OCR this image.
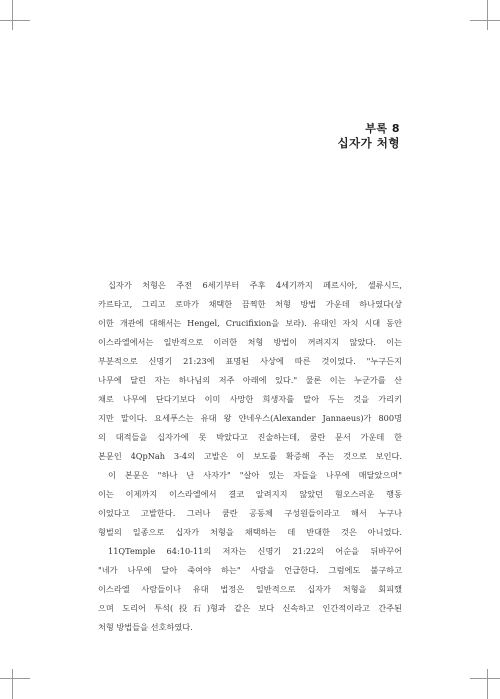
부록 8
십자가 처형
십자가 처형은 주전 6세기부터 주후 4세기까지 페르시아, 셀류시드,
카르타고, 그리고 로마가 채택한 끔찍한 처형 방법 가운데 하나였다(상
이한 개관에 대해서는 Hengel, Crucifixion을 보라). 유대인 자치 시대 동안
이스라엘에서는 일반적으로 이러한 처형 방법이 꺼려지지 않았다. 이는
부분적으로 신명기 21:23에 표명된 사상에 따른 것이었다. "누구든지
나무에 달린 자는 하나님의 저주 아래에 있다." 물론 이는 누군가를 산
채로 나무에 단다기보다 이미 사망한 희생자를 말아 두는 것을 가리키
지만 말이다. 요세푸스는 유대 왕 얀네우스(Alexander Jannaeus)가 800명
의 대적들을 십자가에 못 박았다고 진술하는데, 쿰란 문서 가운데 한
본문인 4QpNah 3-4의 고발은 이 보도를 확증해 주는 것으로 보인다.
이 본문은 "하나 난 사자가" "살아 있는 자들을 나무에 매달았으며"
이는 이제까지 이스라엘에서 결코 알려지지 않았던 혐오스러운 행동
이었다고 고발한다. 그러나 쿰란 공동체 구성원들이라고 해서 누구나
형벌의 일종으로 십자가 처형을 채택하는 데 반대한 것은 아니었다.
11QTemple 64:10-11의 저자는 신명기 21:22의 어순을 뒤바꾸어
"네가 나무에 달아 죽여야 하는" 사람을 언급한다. 그럼에도 불구하고
이스라엘 사람들이나 유대 법정은 일반적으로 십자가 처형을 회피했
으며 도리어 투석(投石)형과 같은 보다 신속하고 인간적이라고 간주된
처형 방법들을 선호하였다.
